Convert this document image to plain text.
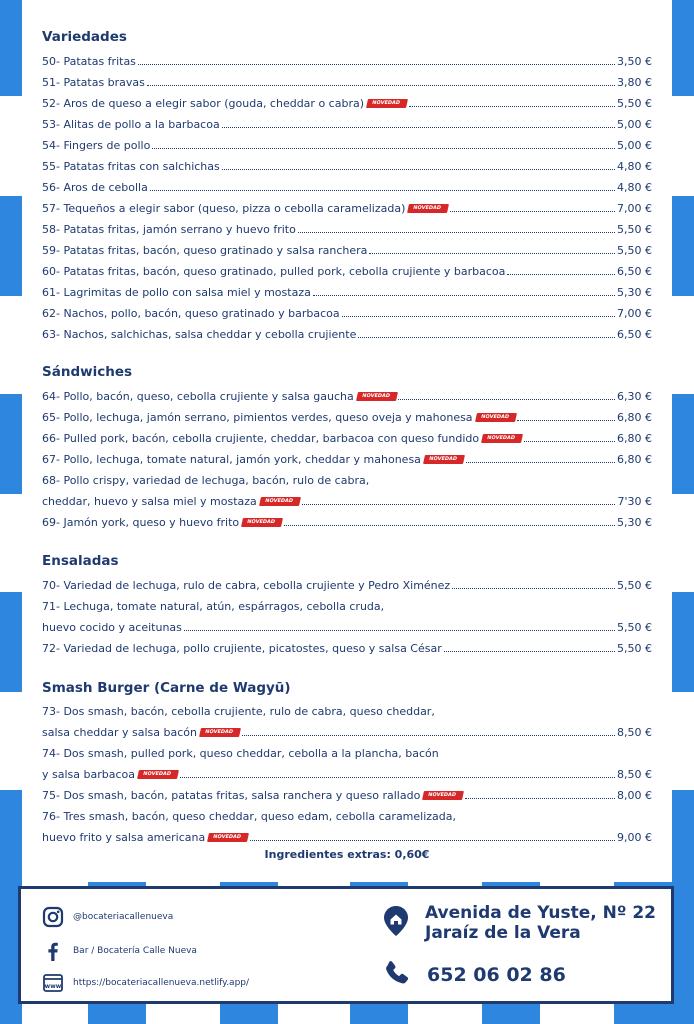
Variedades
50- Patatas fritas	3,50 €
51- Patatas bravas	3,80 €
52- Aros de queso a elegir sabor (gouda, cheddar o cabra)	NOVEDAD	5,50 €
53- Alitas de pollo a la barbacoa	5,00 €
54- Fingers de pollo	5,00 €
55- Patatas fritas con salchichas	4,80 €
56- Aros de cebolla	4,80 €
57- Tequeños a elegir sabor (queso, pizza o cebolla caramelizada)	NOVEDAD	7,00 €
58- Patatas fritas, jamón serrano y huevo frito	5,50 €
59- Patatas fritas, bacón, queso gratinado y salsa ranchera	5,50 €
60- Patatas fritas, bacón, queso gratinado, pulled pork, cebolla crujiente y barbacoa	6,50 €
61- Lagrimitas de pollo con salsa miel y mostaza	5,30 €
62- Nachos, pollo, bacón, queso gratinado y barbacoa	7,00 €
63- Nachos, salchichas, salsa cheddar y cebolla crujiente	6,50 €
Sándwiches
64- Pollo, bacón, queso, cebolla crujiente y salsa gaucha	NOVEDAD	6,30 €
65- Pollo, lechuga, jamón serrano, pimientos verdes, queso oveja y mahonesa	NOVEDAD	6,80 €
66- Pulled pork, bacón, cebolla crujiente, cheddar, barbacoa con queso fundido	NOVEDAD	6,80 €
67- Pollo, lechuga, tomate natural, jamón york, cheddar y mahonesa	NOVEDAD	6,80 €
68- Pollo crispy, variedad de lechuga, bacón, rulo de cabra,
cheddar, huevo y salsa miel y mostaza	NOVEDAD	7'30 €
69- Jamón york, queso y huevo frito	NOVEDAD	5,30 €
Ensaladas
70- Variedad de lechuga, rulo de cabra, cebolla crujiente y Pedro Ximénez	5,50 €
71- Lechuga, tomate natural, atún, espárragos, cebolla cruda,
huevo cocido y aceitunas	5,50 €
72- Variedad de lechuga, pollo crujiente, picatostes, queso y salsa César	5,50 €
Smash Burger (Carne de Wagyū)
73- Dos smash, bacón, cebolla crujiente, rulo de cabra, queso cheddar,
salsa cheddar y salsa bacón	NOVEDAD	8,50 €
74- Dos smash, pulled pork, queso cheddar, cebolla a la plancha, bacón
y salsa barbacoa	NOVEDAD	8,50 €
75- Dos smash, bacón, patatas fritas, salsa ranchera y queso rallado	NOVEDAD	8,00 €
76- Tres smash, bacón, queso cheddar, queso edam, cebolla caramelizada,
huevo frito y salsa americana	NOVEDAD	9,00 €
Ingredientes extras: 0,60€
@bocateriacallenueva
Bar / Bocatería Calle Nueva
www https://bocateriacallenueva.netlify.app/
Avenida de Yuste, Nº 22
Jaraíz de la Vera
652 06 02 86
